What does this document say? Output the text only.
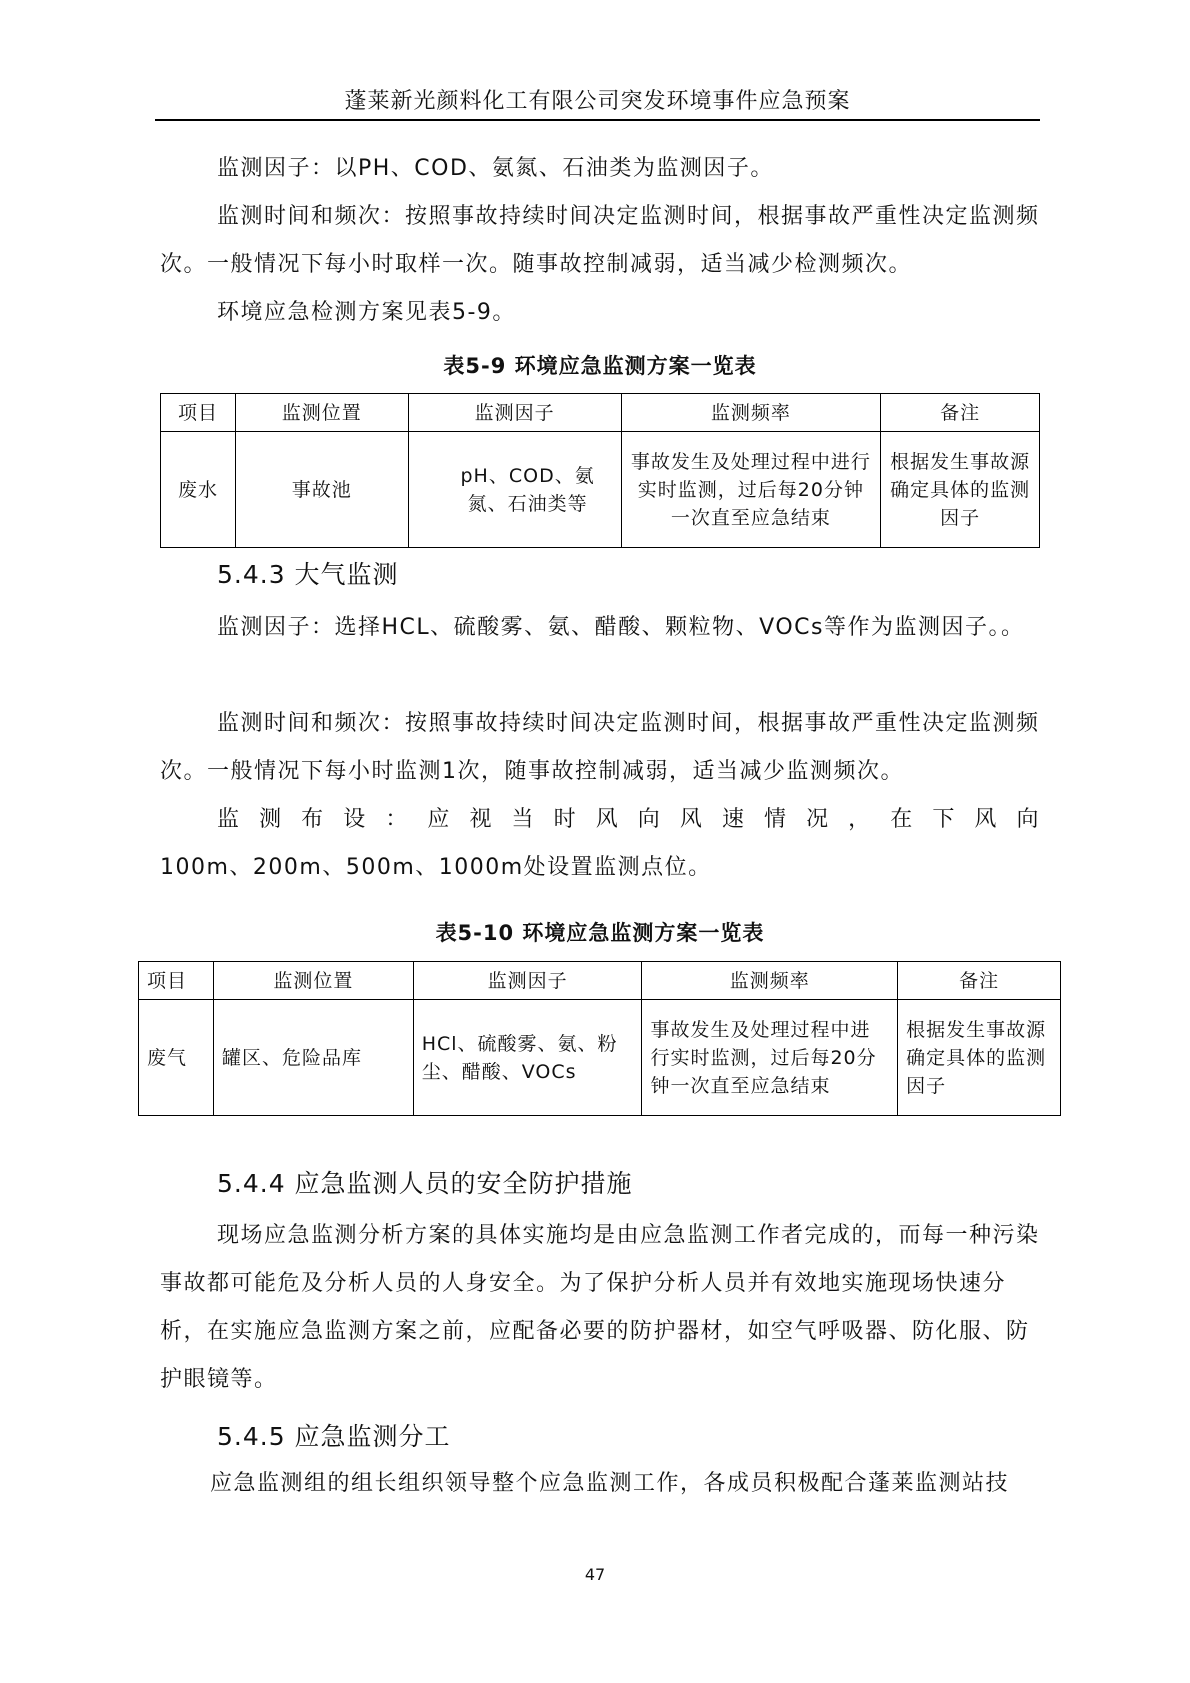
蓬莱新光颜料化工有限公司突发环境事件应急预案

监测因子：以PH、COD、氨氮、石油类为监测因子。

监测时间和频次：按照事故持续时间决定监测时间，根据事故严重性决定监测频次。一般情况下每小时取样一次。随事故控制减弱，适当减少检测频次。

环境应急检测方案见表5-9。

表5-9 环境应急监测方案一览表
项目	监测位置	监测因子	监测频率	备注
废水	事故池	pH、COD、氨氮、石油类等	事故发生及处理过程中进行实时监测，过后每20分钟一次直至应急结束	根据发生事故源确定具体的监测因子
5.4.3 大气监测

监测因子：选择HCL、硫酸雾、氨、醋酸、颗粒物、VOCs等作为监测因子。。

监测时间和频次：按照事故持续时间决定监测时间，根据事故严重性决定监测频次。一般情况下每小时监测1次，随事故控制减弱，适当减少监测频次。

监测布设：应视当时风向风速情况，在下风向
100m、200m、500m、1000m处设置监测点位。
表5-10 环境应急监测方案一览表
项目	监测位置	监测因子	监测频率	备注
废气	罐区、危险品库	HCl、硫酸雾、氨、粉尘、醋酸、VOCs	事故发生及处理过程中进行实时监测，过后每20分钟一次直至应急结束	根据发生事故源确定具体的监测因子
5.4.4 应急监测人员的安全防护措施

现场应急监测分析方案的具体实施均是由应急监测工作者完成的，而每一种污染事故都可能危及分析人员的人身安全。为了保护分析人员并有效地实施现场快速分析，在实施应急监测方案之前，应配备必要的防护器材，如空气呼吸器、防化服、防护眼镜等。

5.4.5 应急监测分工

应急监测组的组长组织领导整个应急监测工作，各成员积极配合蓬莱监测站技

47
